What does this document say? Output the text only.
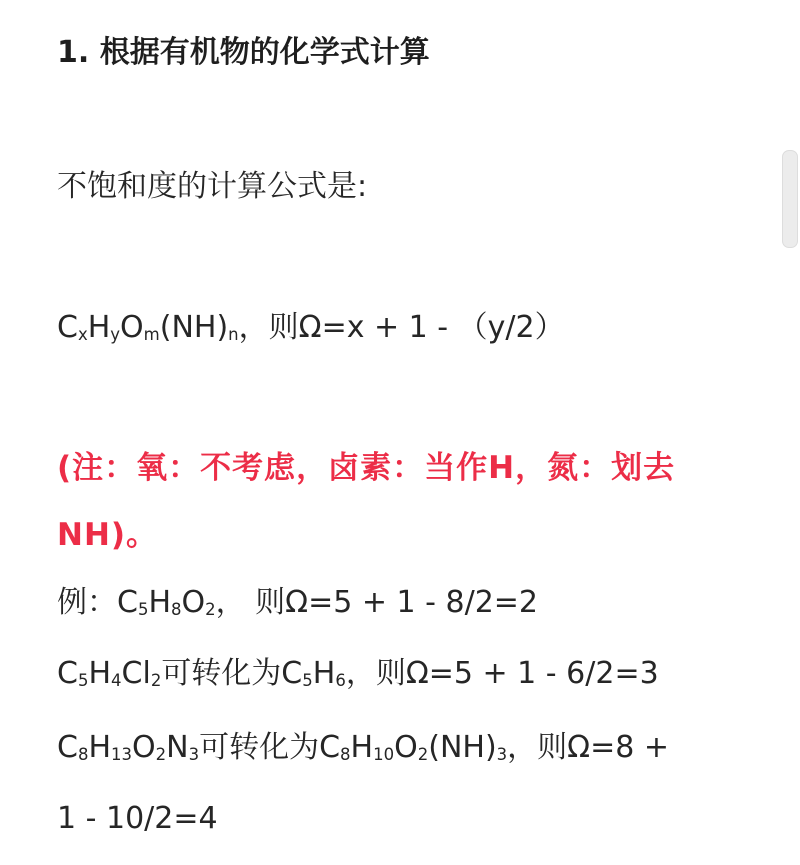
1. 根据有机物的化学式计算
不饱和度的计算公式是:
CxHyOm(NH)n，则Ω=x + 1 - （y/2）
(注：氧：不考虑，卤素：当作H，氮：划去
NH)。
例：C5H8O2， 则Ω=5 + 1 - 8/2=2
C5H4Cl2可转化为C5H6，则Ω=5 + 1 - 6/2=3
C8H13O2N3可转化为C8H10O2(NH)3，则Ω=8 +
1 - 10/2=4
